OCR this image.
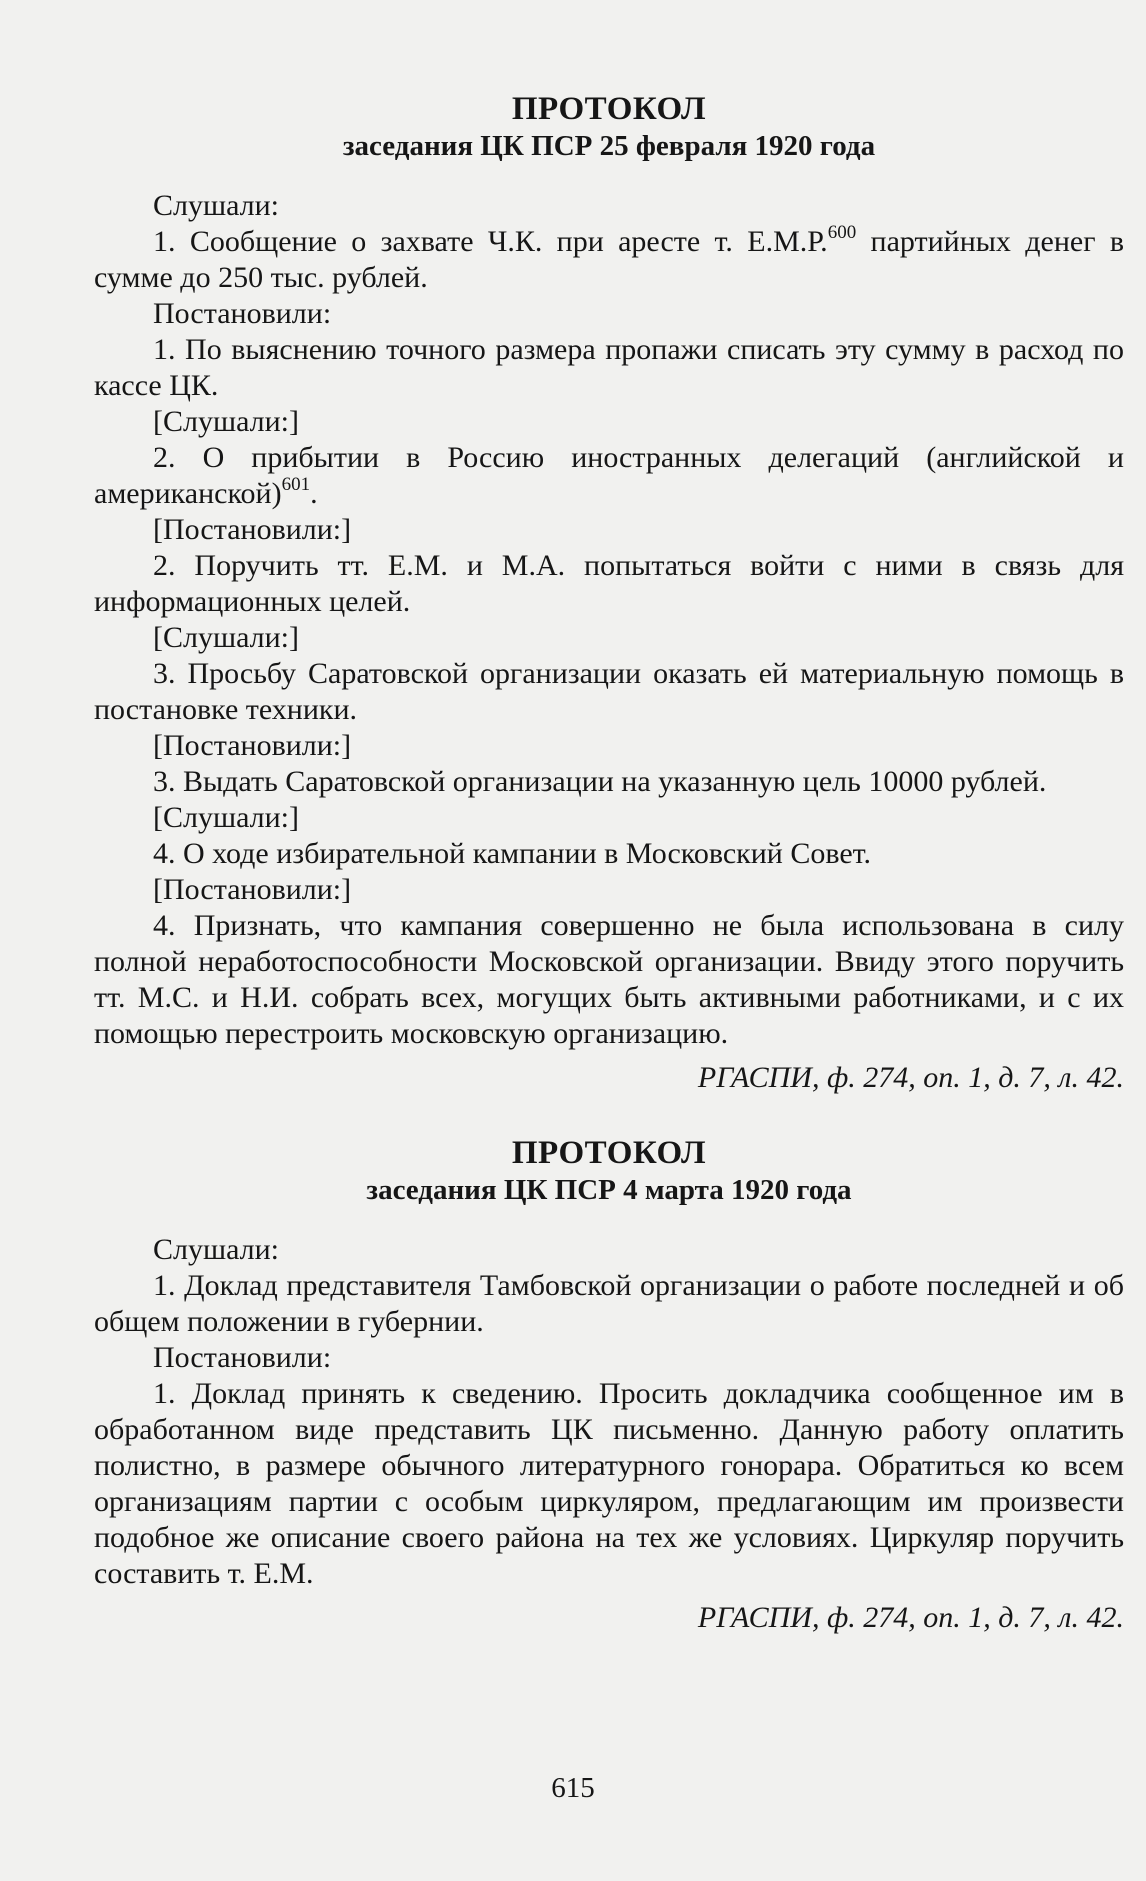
ПРОТОКОЛ
заседания ЦК ПСР 25 февраля 1920 года

Слушали:

1. Сообщение о захвате Ч.К. при аресте т. Е.М.Р.$^{600}$ партийных денег в сумме до 250 тыс. рублей.

Постановили:

1. По выяснению точного размера пропажи списать эту сумму в расход по кассе ЦК.

[Слушали:]

2. О прибытии в Россию иностранных делегаций (английской и американской)$^{601}$.

[Постановили:]

2. Поручить тт. Е.М. и М.А. попытаться войти с ними в связь для информационных целей.

[Слушали:]

3. Просьбу Саратовской организации оказать ей материальную помощь в постановке техники.

[Постановили:]

3. Выдать Саратовской организации на указанную цель 10000 рублей.

[Слушали:]

4. О ходе избирательной кампании в Московский Совет.

[Постановили:]

4. Признать, что кампания совершенно не была использована в силу полной неработоспособности Московской организации. Ввиду этого поручить тт. М.С. и Н.И. собрать всех, могущих быть активными работниками, и с их помощью перестроить московскую организацию.

РГАСПИ, ф. 274, оп. 1, д. 7, л. 42.

ПРОТОКОЛ
заседания ЦК ПСР 4 марта 1920 года

Слушали:

1. Доклад представителя Тамбовской организации о работе последней и об общем положении в губернии.

Постановили:

1. Доклад принять к сведению. Просить докладчика сообщенное им в обработанном виде представить ЦК письменно. Данную работу оплатить полистно, в размере обычного литературного гонорара. Обратиться ко всем организациям партии с особым циркуляром, предлагающим им произвести подобное же описание своего района на тех же условиях. Циркуляр поручить составить т. Е.М.

РГАСПИ, ф. 274, оп. 1, д. 7, л. 42.

615
